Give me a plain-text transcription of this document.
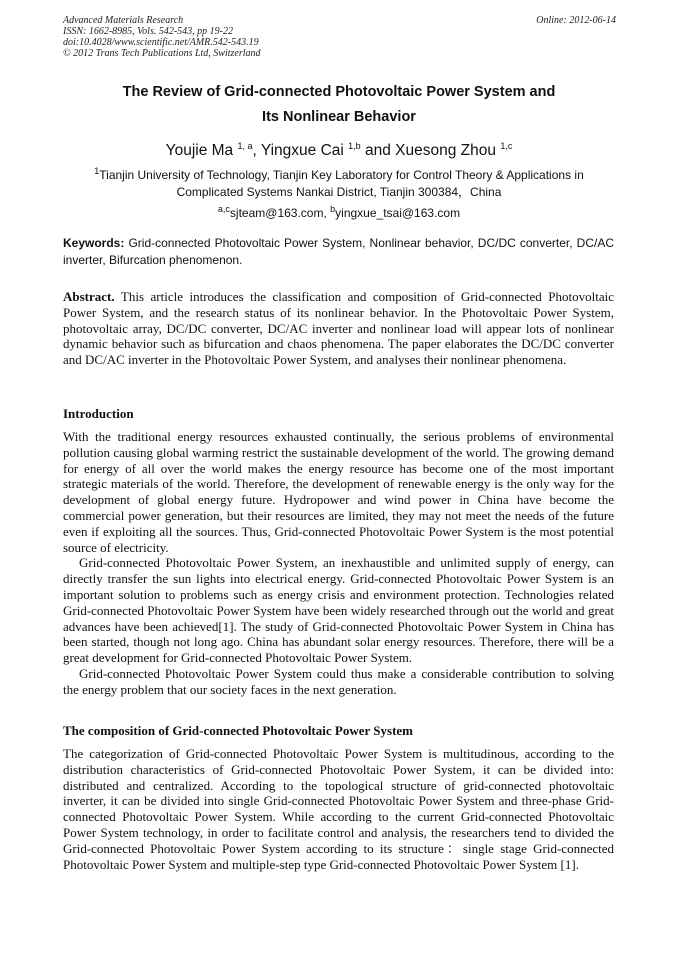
Advanced Materials Research
ISSN: 1662-8985, Vols. 542-543, pp 19-22
doi:10.4028/www.scientific.net/AMR.542-543.19
© 2012 Trans Tech Publications Ltd, Switzerland
Online: 2012-06-14
The Review of Grid-connected Photovoltaic Power System and
Its Nonlinear Behavior
Youjie Ma $^{1, a}$, Yingxue Cai $^{1,b}$ and Xuesong Zhou $^{1,c}$
$^1$Tianjin University of Technology, Tianjin Key Laboratory for Control Theory & Applications in
Complicated Systems Nankai District, Tianjin 300384，China
$^{a,c}$sjteam@163.com, $^b$yingxue_tsai@163.com
Keywords: Grid-connected Photovoltaic Power System, Nonlinear behavior, DC/DC converter, DC/AC inverter, Bifurcation phenomenon.
Abstract. This article introduces the classification and composition of Grid-connected Photovoltaic Power System, and the research status of its nonlinear behavior. In the Photovoltaic Power System, photovoltaic array, DC/DC converter, DC/AC inverter and nonlinear load will appear lots of nonlinear dynamic behavior such as bifurcation and chaos phenomena. The paper elaborates the DC/DC converter and DC/AC inverter in the Photovoltaic Power System, and analyses their nonlinear phenomena.
Introduction
With the traditional energy resources exhausted continually, the serious problems of environmental pollution causing global warming restrict the sustainable development of the world. The growing demand for energy of all over the world makes the energy resource has become one of the most important strategic materials of the world. Therefore, the development of renewable energy is the only way for the development of global energy future. Hydropower and wind power in China have become the commercial power generation, but their resources are limited, they may not meet the needs of the future even if exploiting all the sources. Thus, Grid-connected Photovoltaic Power System is the most potential source of electricity.
Grid-connected Photovoltaic Power System, an inexhaustible and unlimited supply of energy, can directly transfer the sun lights into electrical energy. Grid-connected Photovoltaic Power System is an important solution to problems such as energy crisis and environment protection. Technologies related Grid-connected Photovoltaic Power System have been widely researched through out the world and great advances have been achieved[1]. The study of Grid-connected Photovoltaic Power System in China has been started, though not long ago. China has abundant solar energy resources. Therefore, there will be a great development for Grid-connected Photovoltaic Power System.
Grid-connected Photovoltaic Power System could thus make a considerable contribution to solving the energy problem that our society faces in the next generation.
The composition of Grid-connected Photovoltaic Power System
The categorization of Grid-connected Photovoltaic Power System is multitudinous, according to the distribution characteristics of Grid-connected Photovoltaic Power System, it can be divided into: distributed and centralized. According to the topological structure of grid-connected photovoltaic inverter, it can be divided into single Grid-connected Photovoltaic Power System and three-phase Grid-connected Photovoltaic Power System. While according to the current Grid-connected Photovoltaic Power System technology, in order to facilitate control and analysis, the researchers tend to divided the Grid-connected Photovoltaic Power System according to its structure：single stage Grid-connected Photovoltaic Power System and multiple-step type Grid-connected Photovoltaic Power System [1].
